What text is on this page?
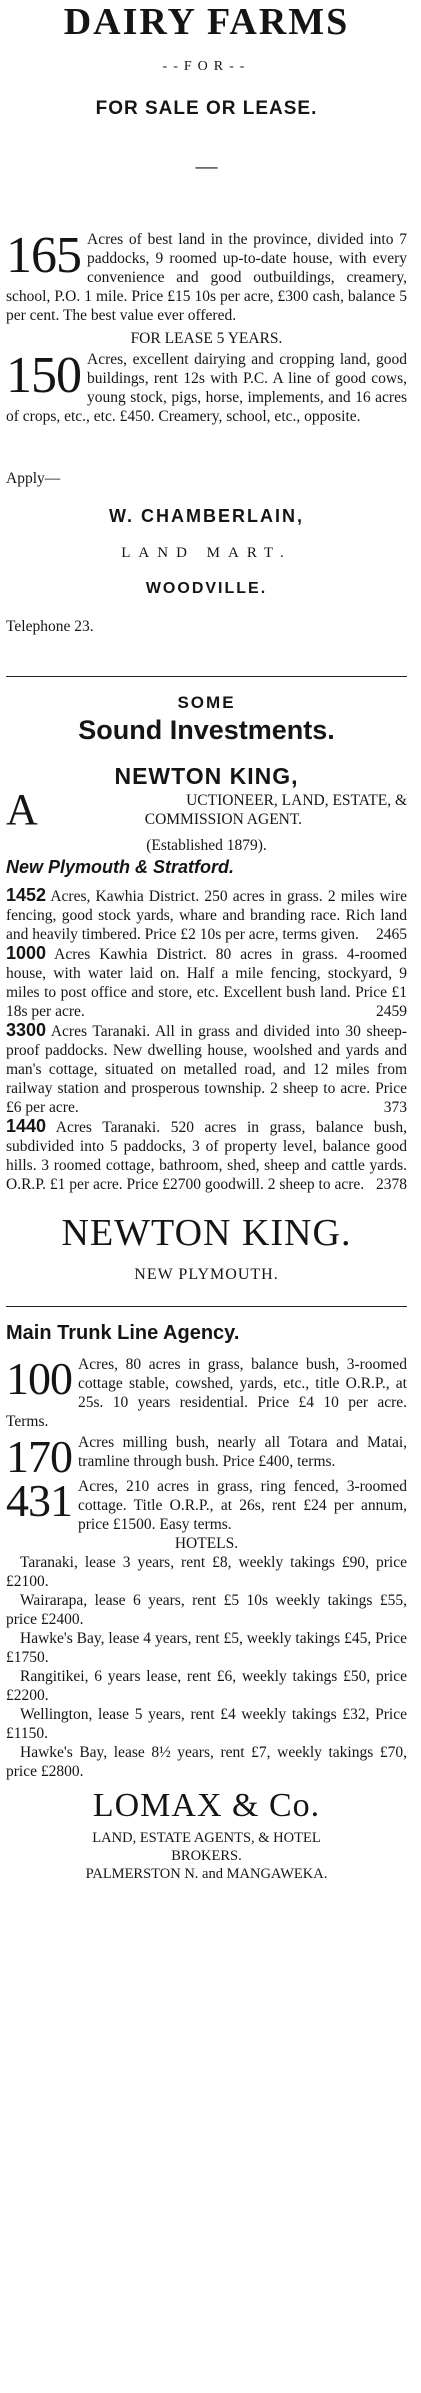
DAIRY FARMS
--FOR--
FOR SALE OR LEASE.
—
165 Acres of best land in the province, divided into 7 paddocks, 9 roomed up-to-date house, with every convenience and good outbuildings, creamery, school, P.O. 1 mile. Price £15 10s per acre, £300 cash, balance 5 per cent. The best value ever offered.
FOR LEASE 5 YEARS.
150 Acres, excellent dairying and cropping land, good buildings, rent 12s with P.C. A line of good cows, young stock, pigs, horse, implements, and 16 acres of crops, etc., etc. £450. Creamery, school, etc., opposite.
Apply—
W. CHAMBERLAIN,
LAND MART.
WOODVILLE.
Telephone 23.
SOME
Sound Investments.
NEWTON KING,
A	UCTIONEER, LAND, ESTATE, &
COMMISSION AGENT.
(Established 1879).
New Plymouth & Stratford.
1452 Acres, Kawhia District. 250 acres in grass. 2 miles wire fencing, good stock yards, whare and branding race. Rich land and heavily timbered. Price £2 10s per acre, terms given. 2465
1000 Acres Kawhia District. 80 acres in grass. 4-roomed house, with water laid on. Half a mile fencing, stockyard, 9 miles to post office and store, etc. Excellent bush land. Price £1 18s per acre.	2459
3300 Acres Taranaki. All in grass and divided into 30 sheep-proof paddocks. New dwelling house, woolshed and yards and man's cottage, situated on metalled road, and 12 miles from railway station and prosperous township. 2 sheep to acre. Price £6 per acre.	373
1440 Acres Taranaki. 520 acres in grass, balance bush, subdivided into 5 paddocks, 3 of property level, balance good hills. 3 roomed cottage, bathroom, shed, sheep and cattle yards. O.R.P. £1 per acre. Price £2700 goodwill. 2 sheep to acre. 2378
NEWTON KING.
NEW PLYMOUTH.
Main Trunk Line Agency.
100 Acres, 80 acres in grass, balance bush, 3-roomed cottage stable, cowshed, yards, etc., title O.R.P., at 25s. 10 years residential. Price £4 10 per acre. Terms.
170 Acres milling bush, nearly all Totara and Matai, tramline through bush. Price £400, terms.
431 Acres, 210 acres in grass, ring fenced, 3-roomed cottage. Title O.R.P., at 26s, rent £24 per annum, price £1500. Easy terms.
HOTELS.
Taranaki, lease 3 years, rent £8, weekly takings £90, price £2100.
Wairarapa, lease 6 years, rent £5 10s weekly takings £55, price £2400.
Hawke's Bay, lease 4 years, rent £5, weekly takings £45, Price £1750.
Rangitikei, 6 years lease, rent £6, weekly takings £50, price £2200.
Wellington, lease 5 years, rent £4 weekly takings £32, Price £1150.
Hawke's Bay, lease 8½ years, rent £7, weekly takings £70, price £2800.
LOMAX & Co.
LAND, ESTATE AGENTS, & HOTEL
BROKERS.
PALMERSTON N. and MANGAWEKA.
